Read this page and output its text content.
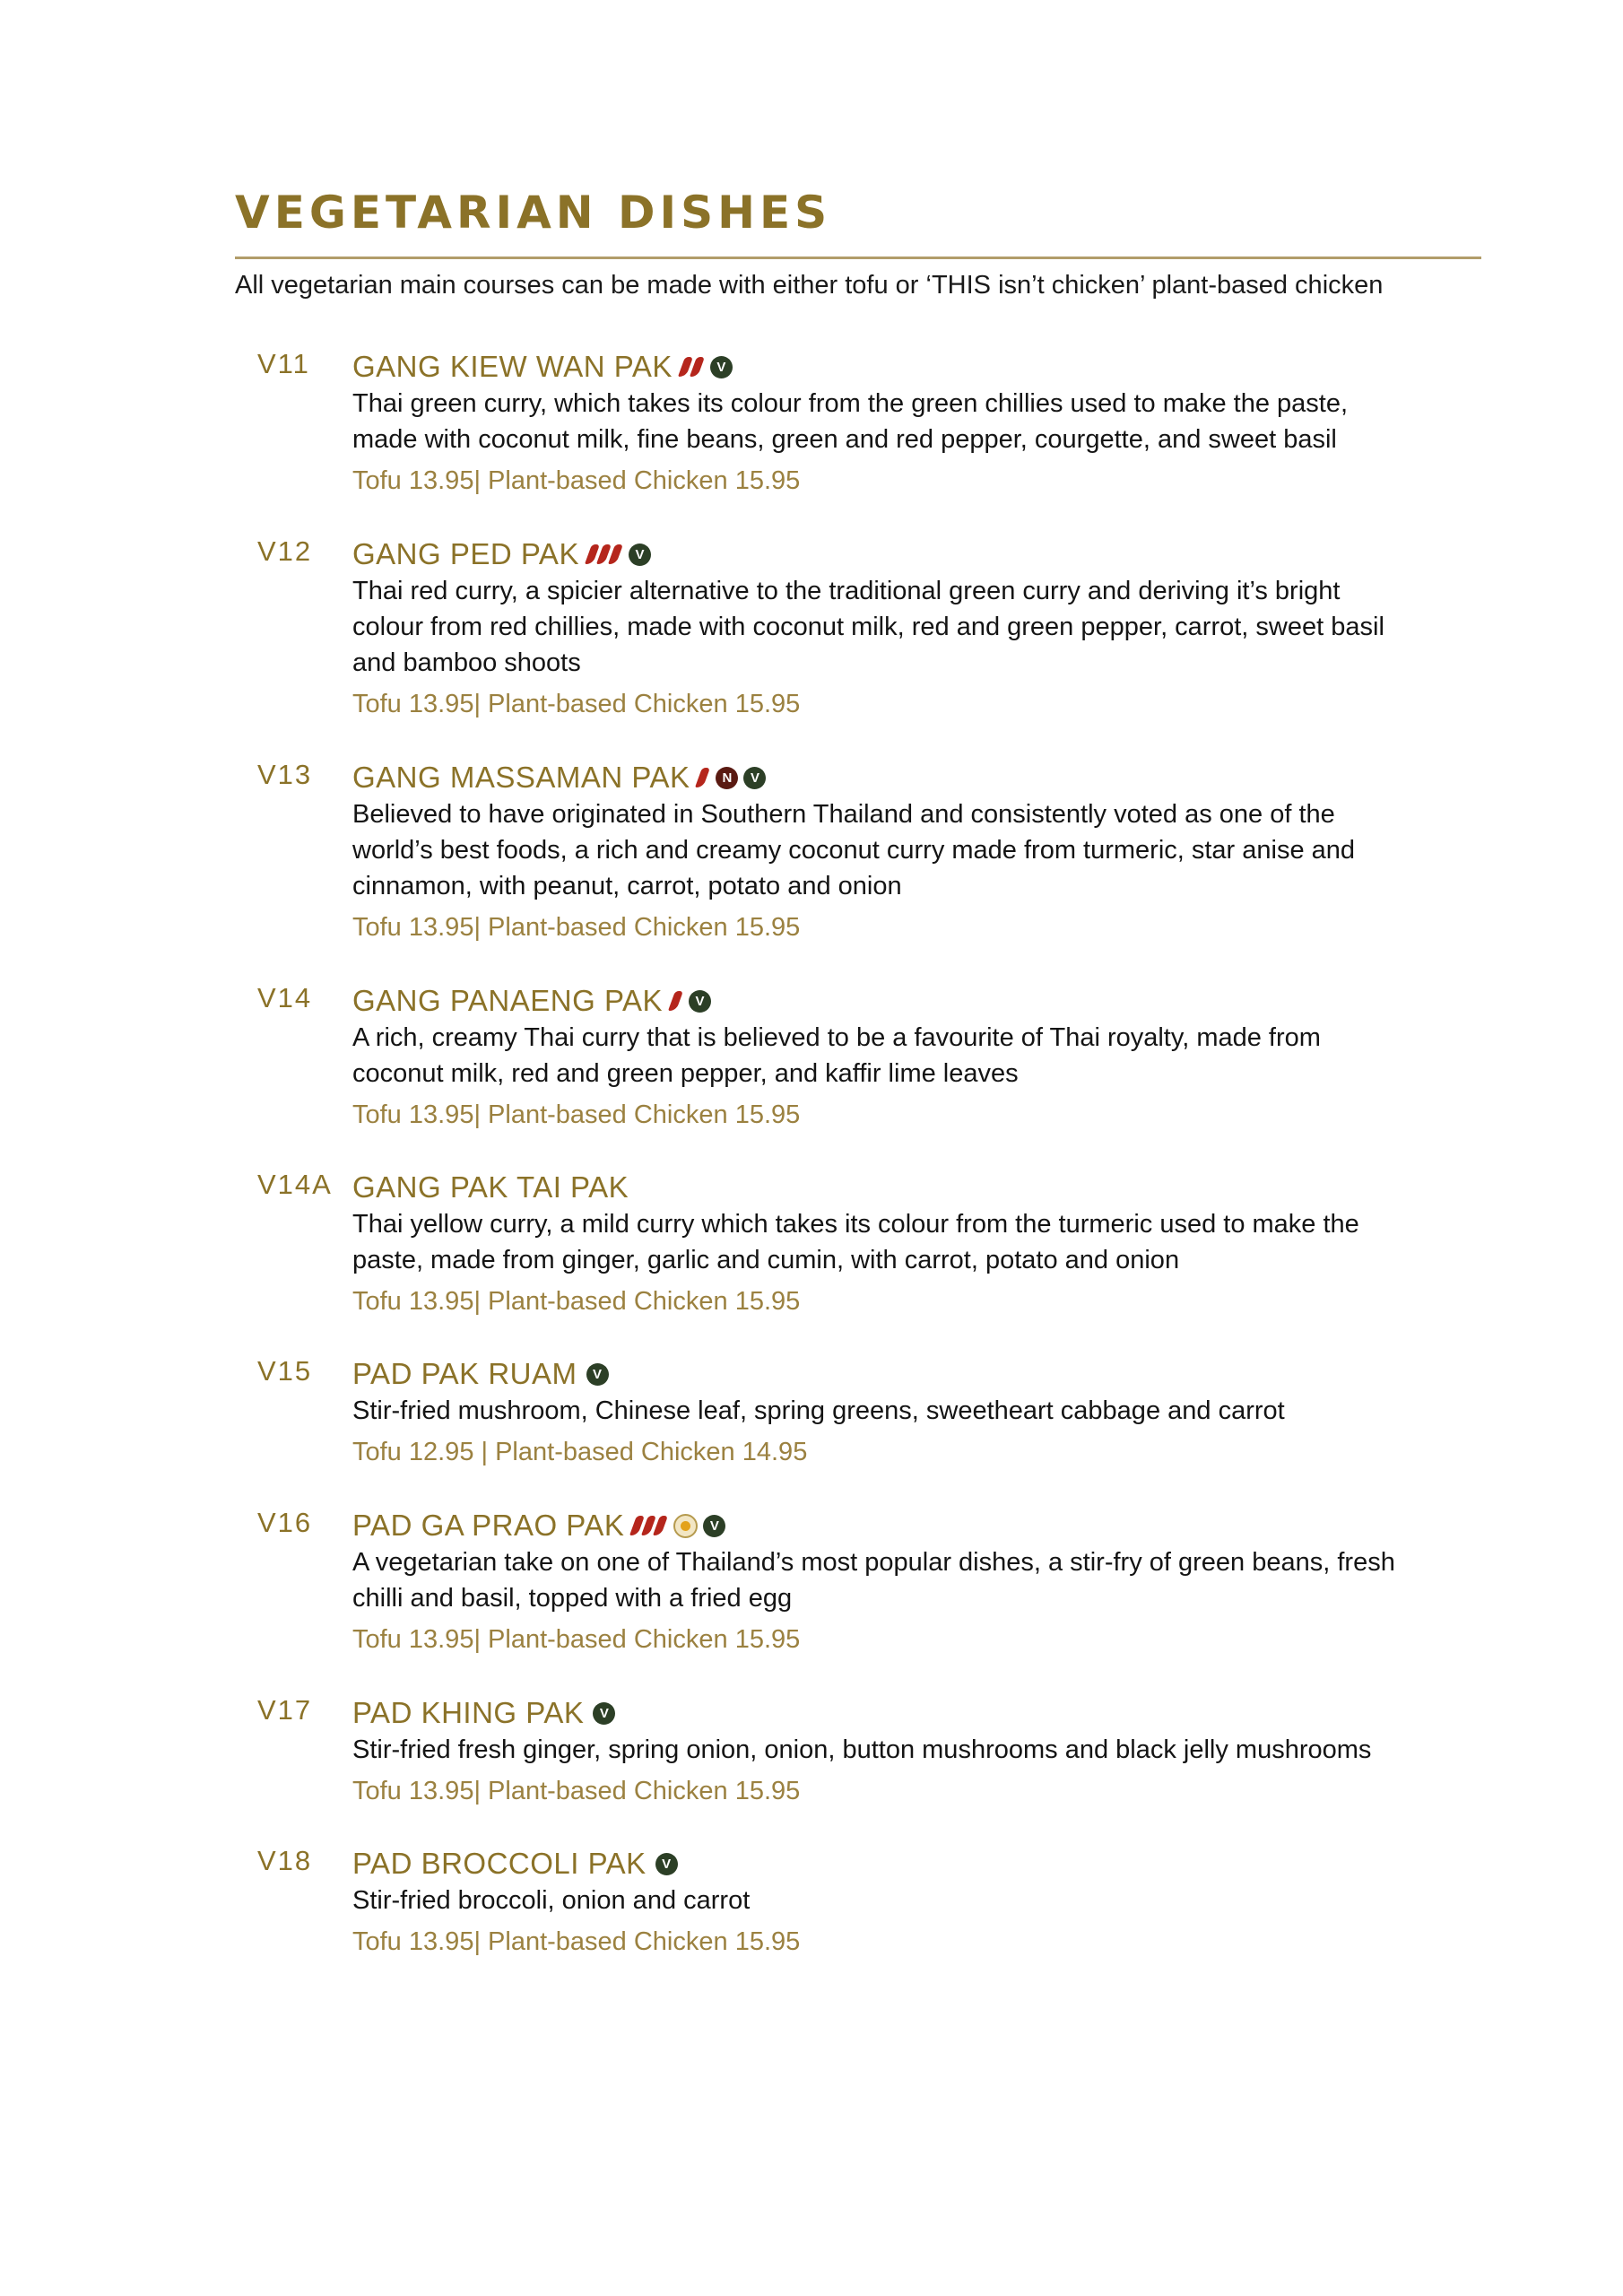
VEGETARIAN DISHES

All vegetarian main courses can be made with either tofu or ‘THIS isn’t chicken’ plant-based chicken

V11 GANG KIEW WAN PAK	V

Thai green curry, which takes its colour from the green chillies used to make the paste,
made with coconut milk, fine beans, green and red pepper, courgette, and sweet basil

Tofu 13.95| Plant-based Chicken 15.95

V12 GANG PED PAK	V

Thai red curry, a spicier alternative to the traditional green curry and deriving it’s bright
colour from red chillies, made with coconut milk, red and green pepper, carrot, sweet basil
and bamboo shoots

Tofu 13.95| Plant-based Chicken 15.95

V13 GANG MASSAMAN PAK	N	V

Believed to have originated in Southern Thailand and consistently voted as one of the
world’s best foods, a rich and creamy coconut curry made from turmeric, star anise and
cinnamon, with peanut, carrot, potato and onion

Tofu 13.95| Plant-based Chicken 15.95

V14 GANG PANAENG PAK	V

A rich, creamy Thai curry that is believed to be a favourite of Thai royalty, made from
coconut milk, red and green pepper, and kaffir lime leaves

Tofu 13.95| Plant-based Chicken 15.95

V14A GANG PAK TAI PAK

Thai yellow curry, a mild curry which takes its colour from the turmeric used to make the
paste, made from ginger, garlic and cumin, with carrot, potato and onion

Tofu 13.95| Plant-based Chicken 15.95

V15 PAD PAK RUAM	V

Stir-fried mushroom, Chinese leaf, spring greens, sweetheart cabbage and carrot

Tofu 12.95 | Plant-based Chicken 14.95

V16 PAD GA PRAO PAK	V

A vegetarian take on one of Thailand’s most popular dishes, a stir-fry of green beans, fresh
chilli and basil, topped with a fried egg

Tofu 13.95| Plant-based Chicken 15.95

V17 PAD KHING PAK	V

Stir-fried fresh ginger, spring onion, onion, button mushrooms and black jelly mushrooms

Tofu 13.95| Plant-based Chicken 15.95

V18 PAD BROCCOLI PAK	V

Stir-fried broccoli, onion and carrot

Tofu 13.95| Plant-based Chicken 15.95
